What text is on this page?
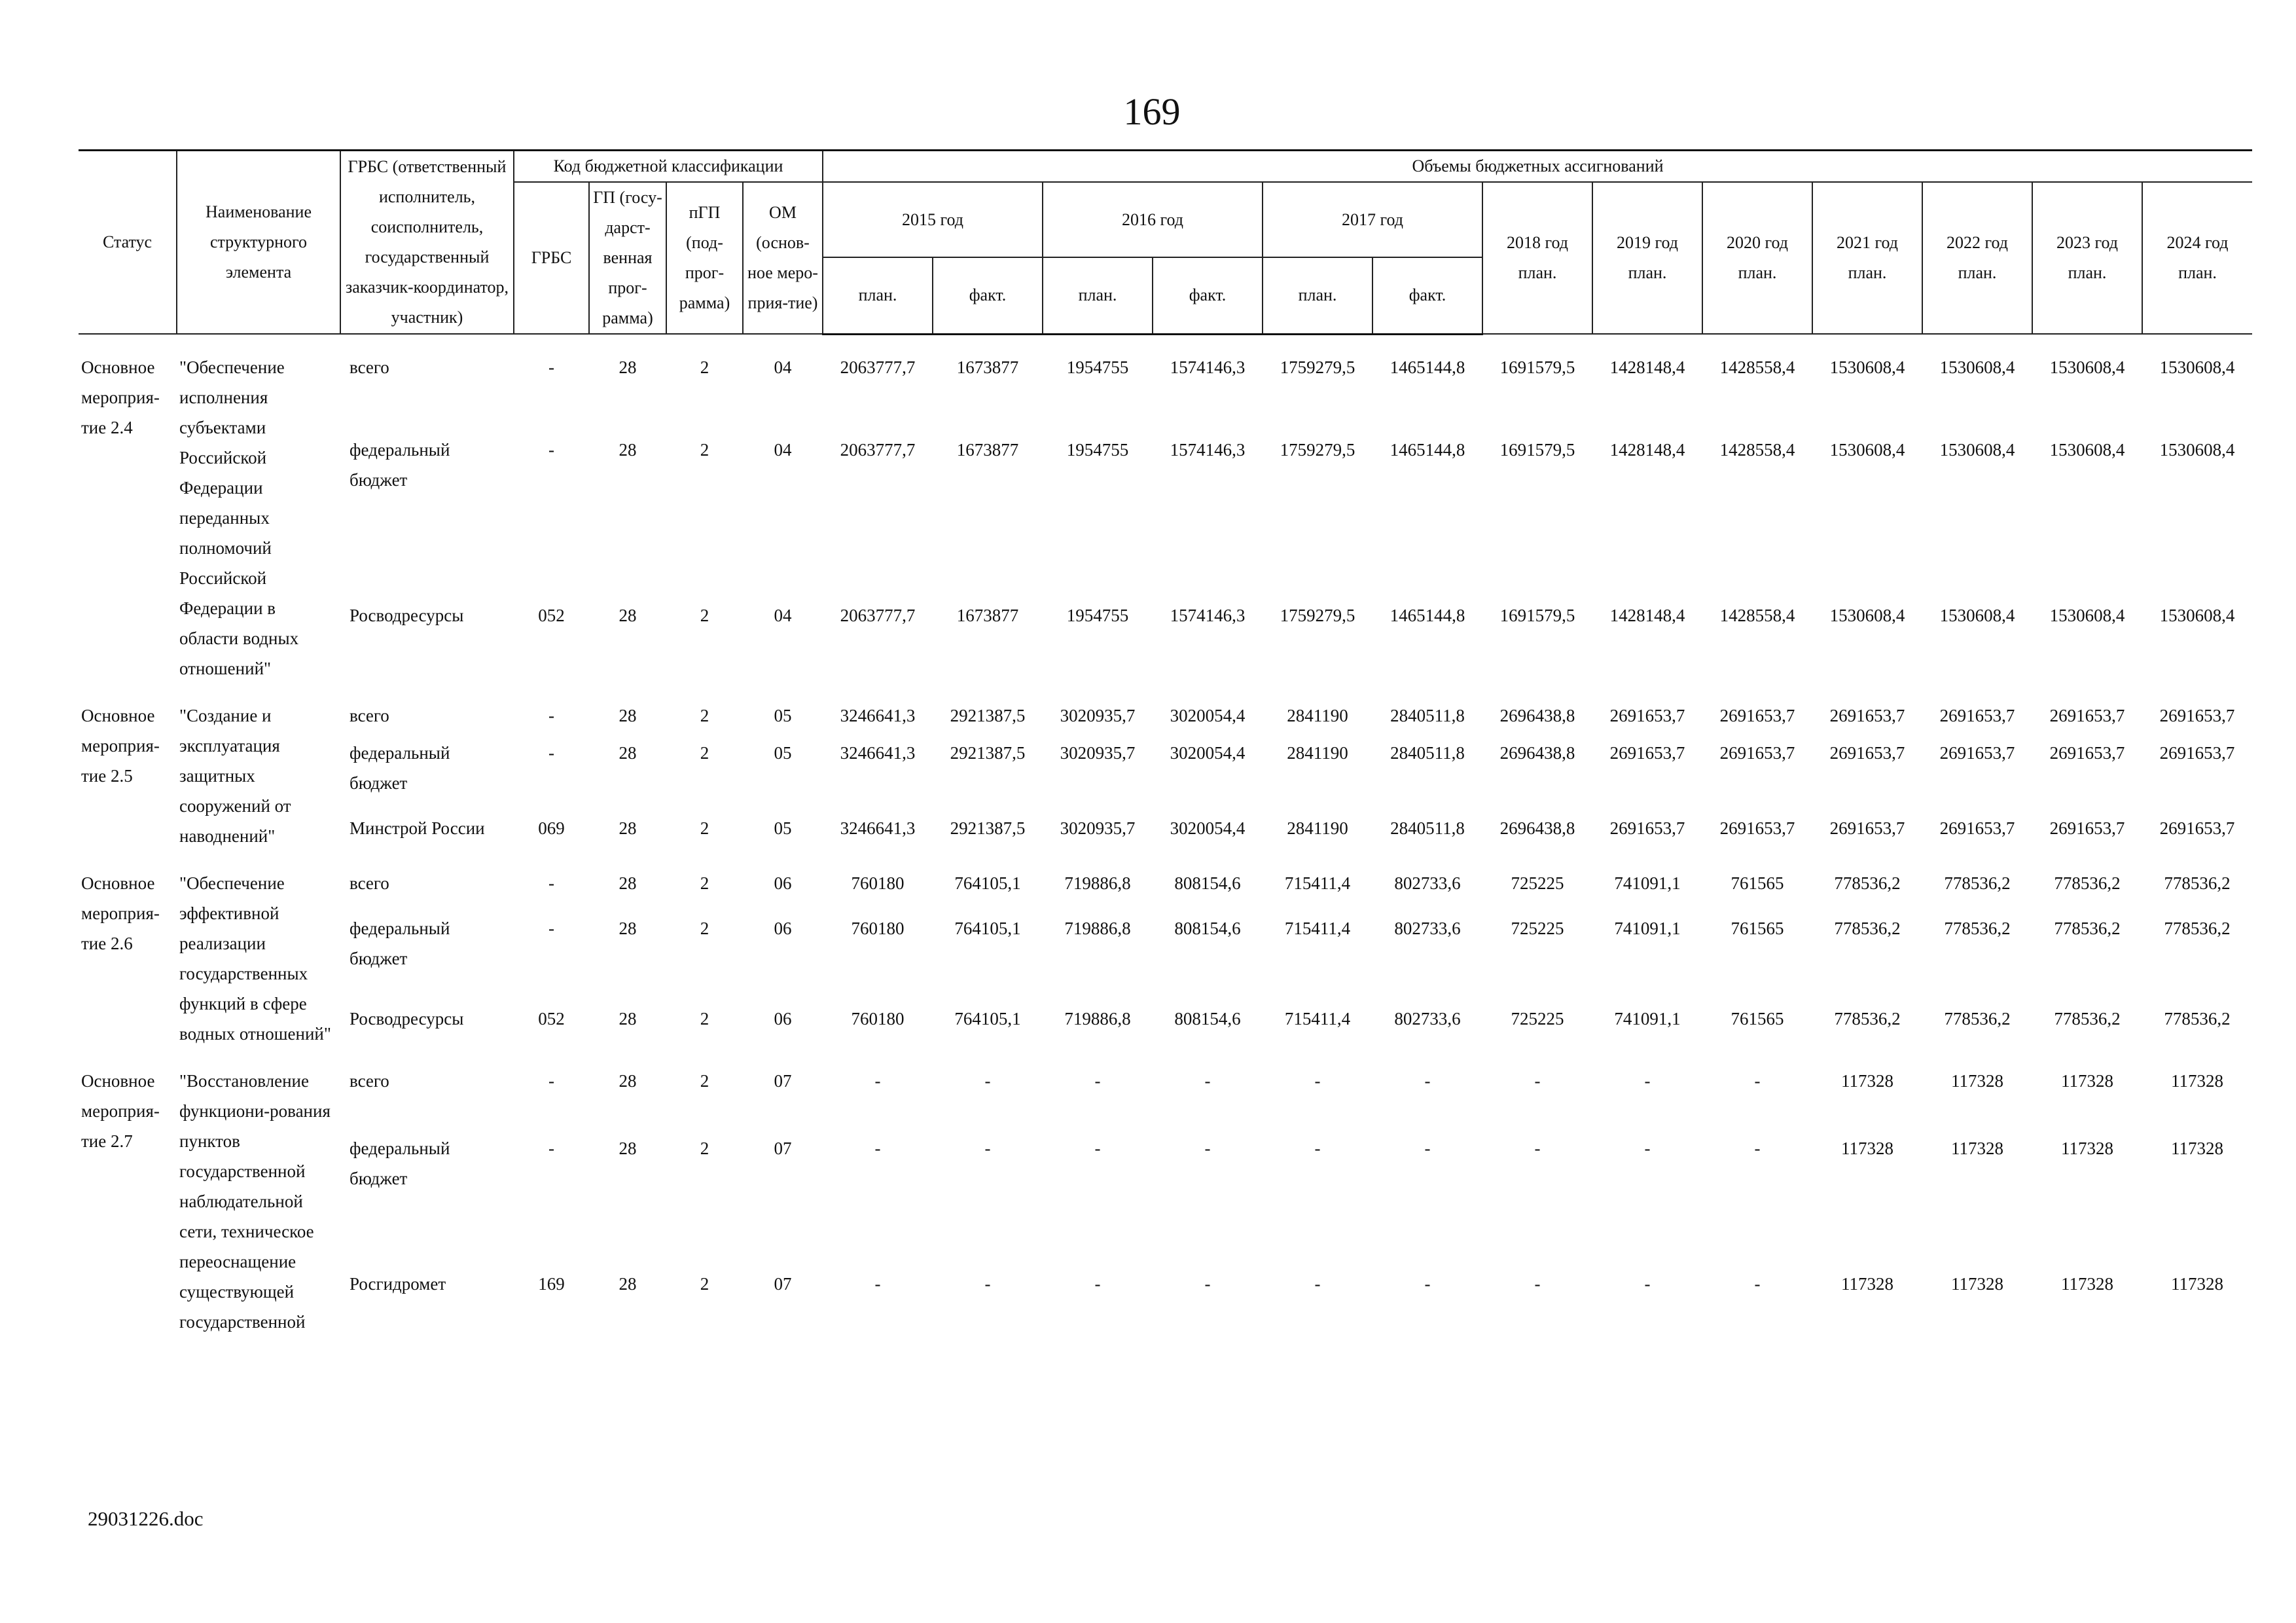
169
Статус	Наименование структурного элемента	ГРБС (ответственный исполнитель, соисполнитель, государственный заказчик-координатор, участник)	Код бюджетной классификации				Объемы бюджетных ассигнований												
			ГРБС	ГП (госу-дарст-венная прог-рамма)	пГП (под-прог-рамма)	ОМ (основ-ное меро-прия-тие)	2015 год		2016 год		2017 год		2018 год план.	2019 год план.	2020 год план.	2021 год план.	2022 год план.	2023 год план.	2024 год план.
							план.	факт.	план.	факт.	план.	факт.							

Основное мероприя-тие 2.4	"Обеспечение исполнения субъектами Российской Федерации переданных полномочий Российской Федерации в области водных отношений"	всего	-	28	2	04	2063777,7	1673877	1954755	1574146,3	1759279,5	1465144,8	1691579,5	1428148,4	1428558,4	1530608,4	1530608,4	1530608,4	1530608,4
		федеральный бюджет	-	28	2	04	2063777,7	1673877	1954755	1574146,3	1759279,5	1465144,8	1691579,5	1428148,4	1428558,4	1530608,4	1530608,4	1530608,4	1530608,4
		Росводресурсы	052	28	2	04	2063777,7	1673877	1954755	1574146,3	1759279,5	1465144,8	1691579,5	1428148,4	1428558,4	1530608,4	1530608,4	1530608,4	1530608,4

Основное мероприя-тие 2.5	"Создание и эксплуатация защитных сооружений от наводнений"	всего	-	28	2	05	3246641,3	2921387,5	3020935,7	3020054,4	2841190	2840511,8	2696438,8	2691653,7	2691653,7	2691653,7	2691653,7	2691653,7	2691653,7
		федеральный бюджет	-	28	2	05	3246641,3	2921387,5	3020935,7	3020054,4	2841190	2840511,8	2696438,8	2691653,7	2691653,7	2691653,7	2691653,7	2691653,7	2691653,7
		Минстрой России	069	28	2	05	3246641,3	2921387,5	3020935,7	3020054,4	2841190	2840511,8	2696438,8	2691653,7	2691653,7	2691653,7	2691653,7	2691653,7	2691653,7

Основное мероприя-тие 2.6	"Обеспечение эффективной реализации государственных функций в сфере водных отношений"	всего	-	28	2	06	760180	764105,1	719886,8	808154,6	715411,4	802733,6	725225	741091,1	761565	778536,2	778536,2	778536,2	778536,2
		федеральный бюджет	-	28	2	06	760180	764105,1	719886,8	808154,6	715411,4	802733,6	725225	741091,1	761565	778536,2	778536,2	778536,2	778536,2
		Росводресурсы	052	28	2	06	760180	764105,1	719886,8	808154,6	715411,4	802733,6	725225	741091,1	761565	778536,2	778536,2	778536,2	778536,2

Основное мероприя-тие 2.7	"Восстановление функциони-рования пунктов государственной наблюдательной сети, техническое переоснащение существующей государственной	всего	-	28	2	07	-	-	-	-	-	-	-	-	-	117328	117328	117328	117328
		федеральный бюджет	-	28	2	07	-	-	-	-	-	-	-	-	-	117328	117328	117328	117328
		Росгидромет	169	28	2	07	-	-	-	-	-	-	-	-	-	117328	117328	117328	117328
29031226.doc
